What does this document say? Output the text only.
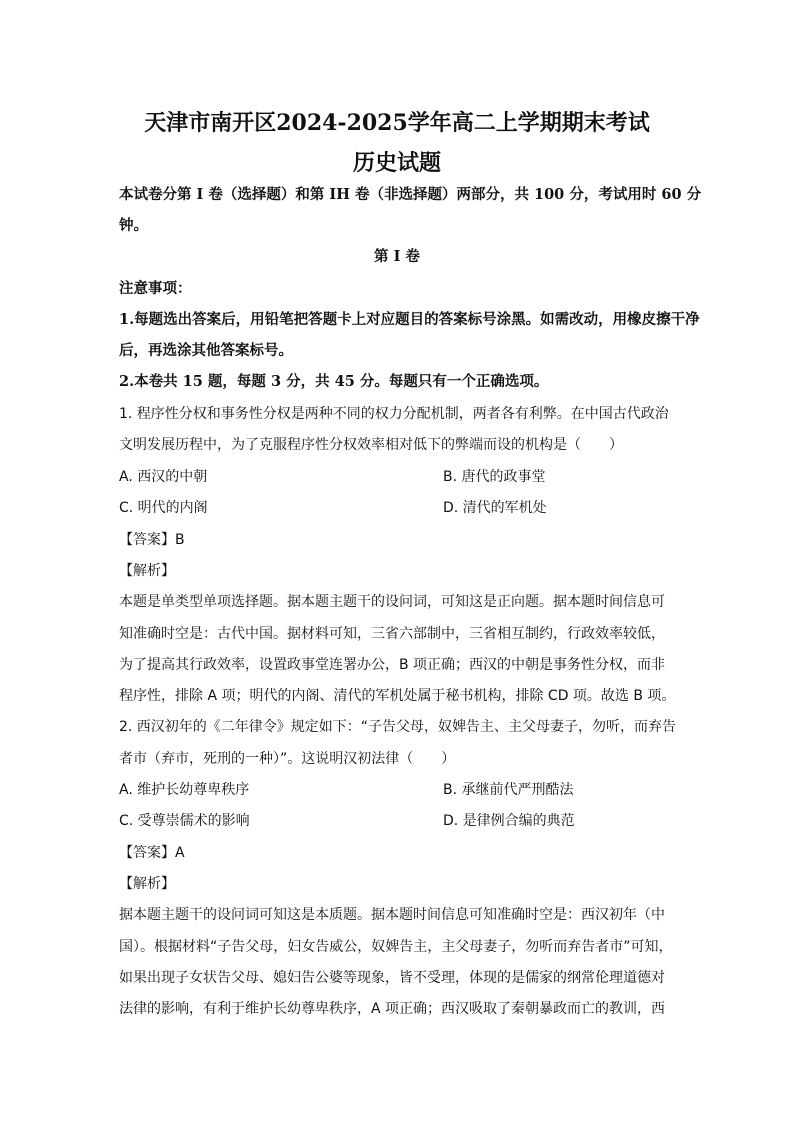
天津市南开区2024-2025学年高二上学期期末考试
历史试题
本试卷分第 I 卷（选择题）和第 IH 卷（非选择题）两部分，共 100 分，考试用时 60 分
钟。
第 I 卷
注意事项：
1.每题选出答案后，用铅笔把答题卡上对应题目的答案标号涂黑。如需改动，用橡皮擦干净
后，再选涂其他答案标号。
2.本卷共 15 题，每题 3 分，共 45 分。每题只有一个正确选项。
1. 程序性分权和事务性分权是两种不同的权力分配机制，两者各有利弊。在中国古代政治
文明发展历程中，为了克服程序性分权效率相对低下的弊端而设的机构是（　　）
A. 西汉的中朝	B. 唐代的政事堂
C. 明代的内阁	D. 清代的军机处
【答案】B
【解析】
本题是单类型单项选择题。据本题主题干的设问词，可知这是正向题。据本题时间信息可
知准确时空是：古代中国。据材料可知，三省六部制中，三省相互制约，行政效率较低，
为了提高其行政效率，设置政事堂连署办公，B 项正确；西汉的中朝是事务性分权，而非
程序性，排除 A 项；明代的内阁、清代的军机处属于秘书机构，排除 CD 项。故选 B 项。
2. 西汉初年的《二年律令》规定如下：“子告父母，奴婢告主、主父母妻子，勿听，而弃告
者市（弃市，死刑的一种）”。这说明汉初法律（　　）
A. 维护长幼尊卑秩序	B. 承继前代严刑酷法
C. 受尊崇儒术的影响	D. 是律例合编的典范
【答案】A
【解析】
据本题主题干的设问词可知这是本质题。据本题时间信息可知准确时空是：西汉初年（中
国）。根据材料“子告父母，妇女告威公，奴婢告主，主父母妻子，勿听而弃告者市”可知，
如果出现子女状告父母、媳妇告公婆等现象，皆不受理，体现的是儒家的纲常伦理道德对
法律的影响，有利于维护长幼尊卑秩序，A 项正确；西汉吸取了秦朝暴政而亡的教训，西
